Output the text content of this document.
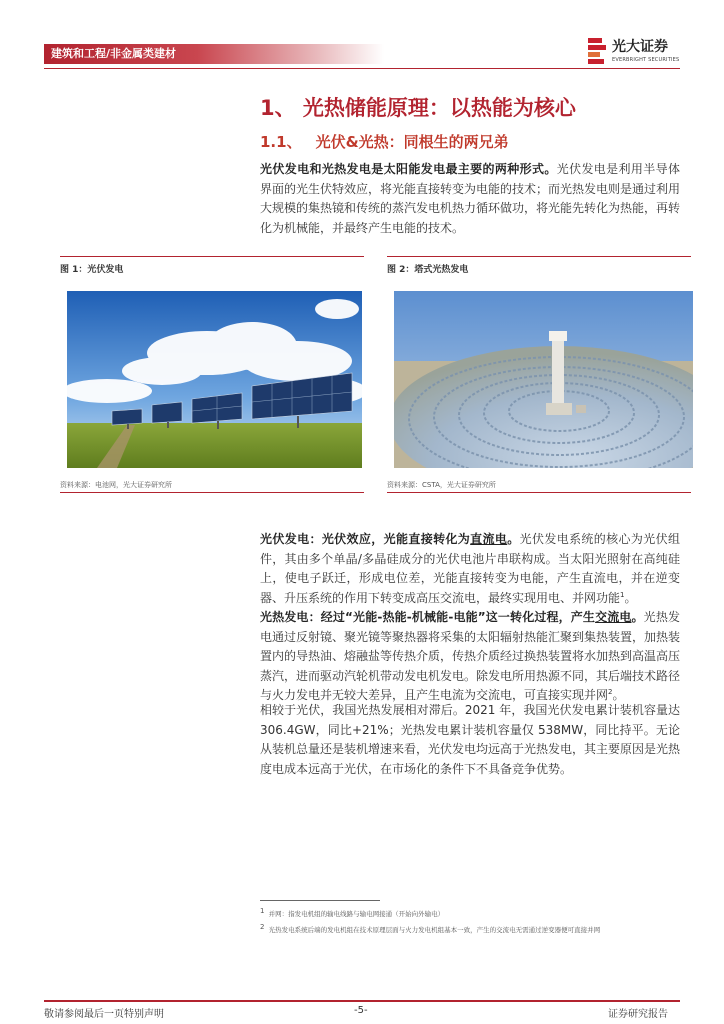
建筑和工程/非金属类建材	光大证券
EVERBRIGHT SECURITIES
1、 光热储能原理：以热能为核心
1.1、 光伏&光热：同根生的两兄弟

光伏发电和光热发电是太阳能发电最主要的两种形式。光伏发电是利用半导体界面的光生伏特效应，将光能直接转变为电能的技术；而光热发电则是通过利用大规模的集热镜和传统的蒸汽发电机热力循环做功，将光能先转化为热能，再转化为机械能，并最终产生电能的技术。

图 1：光伏发电
资料来源：电池网，光大证券研究所
图 2：塔式光热发电
资料来源：CSTA，光大证券研究所

光伏发电：光伏效应，光能直接转化为直流电。光伏发电系统的核心为光伏组件，其由多个单晶/多晶硅成分的光伏电池片串联构成。当太阳光照射在高纯硅上，使电子跃迁，形成电位差，光能直接转变为电能，产生直流电，并在逆变器、升压系统的作用下转变成高压交流电，最终实现用电、并网功能$^1$。

光热发电：经过“光能-热能-机械能-电能”这一转化过程，产生交流电。光热发电通过反射镜、聚光镜等聚热器将采集的太阳辐射热能汇聚到集热装置，加热装置内的导热油、熔融盐等传热介质，传热介质经过换热装置将水加热到高温高压蒸汽，进而驱动汽轮机带动发电机发电。除发电所用热源不同，其后端技术路径与火力发电并无较大差异，且产生电流为交流电，可直接实现并网$^2$。

相较于光伏，我国光热发展相对滞后。2021 年，我国光伏发电累计装机容量达 306.4GW，同比+21%；光热发电累计装机容量仅 538MW，同比持平。无论从装机总量还是装机增速来看，光伏发电均远高于光热发电，其主要原因是光热度电成本远高于光伏，在市场化的条件下不具备竞争优势。

$^1$ 并网：指发电机组的输电线路与输电网接通（开始向外输电）
$^2$ 光热发电系统后端的发电机组在技术原理层面与火力发电机组基本一致，产生的交流电无需通过逆变器便可直接并网
敬请参阅最后一页特别声明	-5-	证券研究报告
